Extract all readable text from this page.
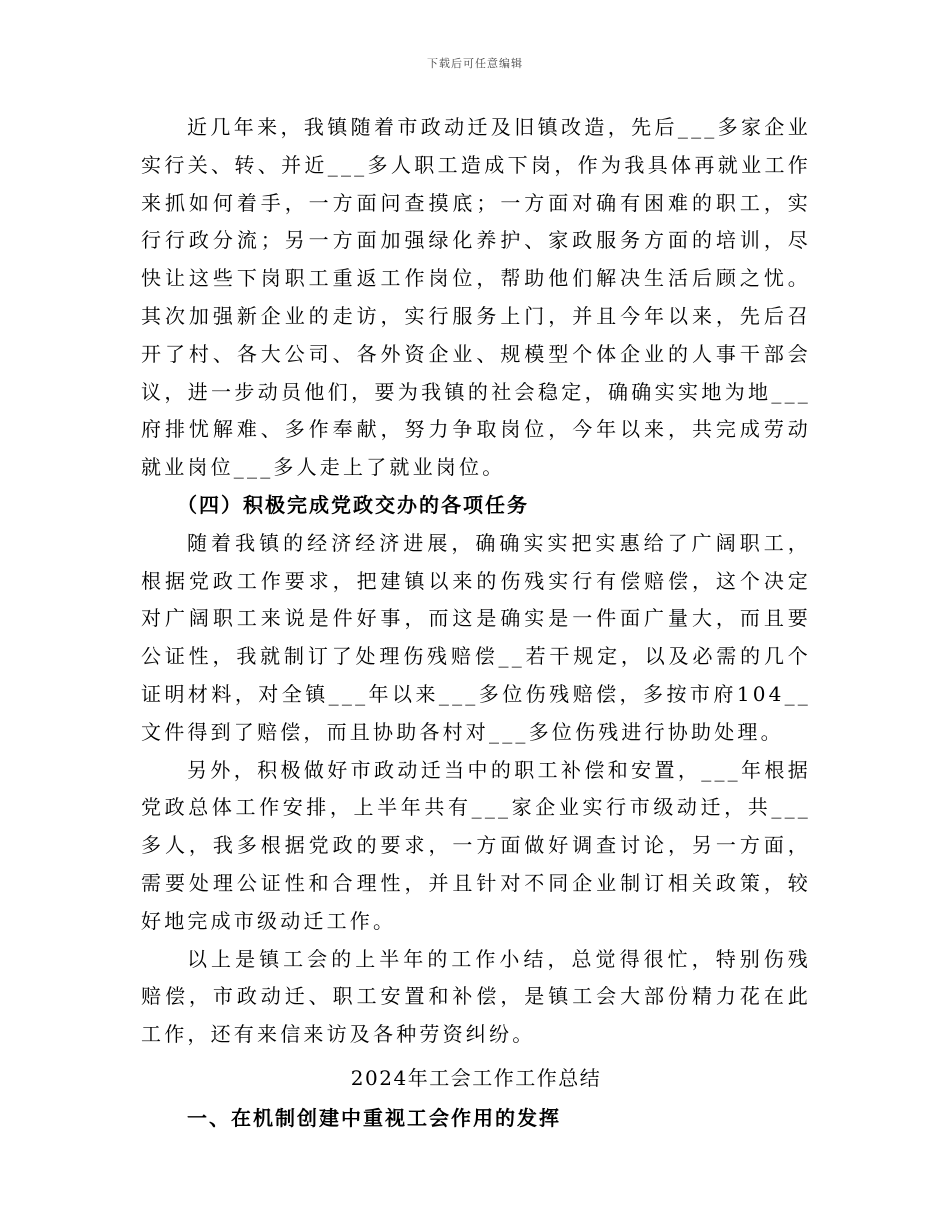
下载后可任意编辑

近几年来，我镇随着市政动迁及旧镇改造，先后___多家企业实行关、转、并近___多人职工造成下岗，作为我具体再就业工作来抓如何着手，一方面问查摸底；一方面对确有困难的职工，实行行政分流；另一方面加强绿化养护、家政服务方面的培训，尽快让这些下岗职工重返工作岗位，帮助他们解决生活后顾之忧。其次加强新企业的走访，实行服务上门，并且今年以来，先后召开了村、各大公司、各外资企业、规模型个体企业的人事干部会议，进一步动员他们，要为我镇的社会稳定，确确实实地为地___府排忧解难、多作奉献，努力争取岗位，今年以来，共完成劳动就业岗位___多人走上了就业岗位。

（四）积极完成党政交办的各项任务

随着我镇的经济经济进展，确确实实把实惠给了广阔职工，根据党政工作要求，把建镇以来的伤残实行有偿赔偿，这个决定对广阔职工来说是件好事，而这是确实是一件面广量大，而且要公证性，我就制订了处理伤残赔偿__若干规定，以及必需的几个证明材料，对全镇___年以来___多位伤残赔偿，多按市府104__文件得到了赔偿，而且协助各村对___多位伤残进行协助处理。

另外，积极做好市政动迁当中的职工补偿和安置，___年根据党政总体工作安排，上半年共有___家企业实行市级动迁，共___多人，我多根据党政的要求，一方面做好调查讨论，另一方面，需要处理公证性和合理性，并且针对不同企业制订相关政策，较好地完成市级动迁工作。

以上是镇工会的上半年的工作小结，总觉得很忙，特别伤残赔偿，市政动迁、职工安置和补偿，是镇工会大部份精力花在此工作，还有来信来访及各种劳资纠纷。

2024年工会工作工作总结

一、在机制创建中重视工会作用的发挥
